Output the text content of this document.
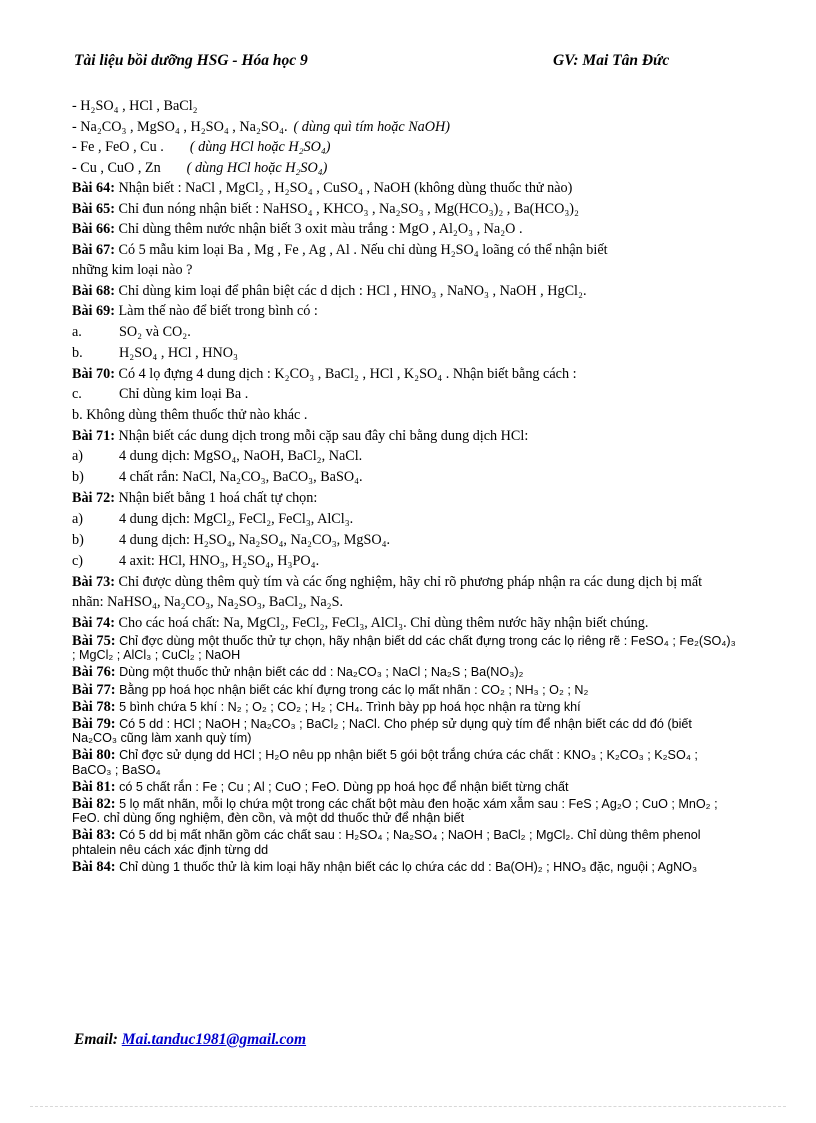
Tài liệu bồi dưỡng HSG - Hóa học 9	GV: Mai Tân Đức
- H₂SO₄ , HCl , BaCl₂
- Na₂CO₃ , MgSO₄ , H₂SO₄ , Na₂SO₄. ( dùng quì tím hoặc NaOH)
- Fe , FeO , Cu . ( dùng HCl hoặc H₂SO₄)
- Cu , CuO , Zn ( dùng HCl hoặc H₂SO₄)
Bài 64: Nhận biết : NaCl , MgCl₂ , H₂SO₄ , CuSO₄ , NaOH (không dùng thuốc thử nào)
Bài 65: Chỉ đun nóng nhận biết : NaHSO₄ , KHCO₃ , Na₂SO₃ , Mg(HCO₃)₂ , Ba(HCO₃)₂
Bài 66: Chỉ dùng thêm nước nhận biết 3 oxit màu trắng : MgO , Al₂O₃ , Na₂O .
Bài 67: Có 5 mẫu kim loại Ba , Mg , Fe , Ag , Al . Nếu chỉ dùng H₂SO₄ loãng có thể nhận biết
những kim loại nào ?
Bài 68: Chỉ dùng kim loại để phân biệt các d dịch : HCl , HNO₃ , NaNO₃ , NaOH , HgCl₂.
Bài 69: Làm thế nào để biết trong bình có :
a.	SO₂ và CO₂.
b.	H₂SO₄ , HCl , HNO₃
Bài 70: Có 4 lọ đựng 4 dung dịch : K₂CO₃ , BaCl₂ , HCl , K₂SO₄ . Nhận biết bằng cách :
c.	Chỉ dùng kim loại Ba .
b. Không dùng thêm thuốc thử nào khác .
Bài 71: Nhận biết các dung dịch trong mỗi cặp sau đây chỉ bằng dung dịch HCl:
a)	4 dung dịch: MgSO₄, NaOH, BaCl₂, NaCl.
b)	4 chất rắn: NaCl, Na₂CO₃, BaCO₃, BaSO₄.
Bài 72: Nhận biết bằng 1 hoá chất tự chọn:
a)	4 dung dịch: MgCl₂, FeCl₂, FeCl₃, AlCl₃.
b)	4 dung dịch: H₂SO₄, Na₂SO₄, Na₂CO₃, MgSO₄.
c)	4 axit: HCl, HNO₃, H₂SO₄, H₃PO₄.
Bài 73: Chỉ được dùng thêm quỳ tím và các ống nghiệm, hãy chỉ rõ phương pháp nhận ra các dung dịch bị mất nhãn: NaHSO₄, Na₂CO₃, Na₂SO₃, BaCl₂, Na₂S.
Bài 74: Cho các hoá chất: Na, MgCl₂, FeCl₂, FeCl₃, AlCl₃. Chỉ dùng thêm nước hãy nhận biết chúng.
Bài 75: Chỉ đợc dùng một thuốc thử tự chọn, hãy nhận biết dd các chất đựng trong các lọ riêng rẽ : FeSO₄ ; Fe₂(SO₄)₃ ; MgCl₂ ; AlCl₃ ; CuCl₂ ; NaOH
Bài 76: Dùng một thuốc thử nhận biết các dd : Na₂CO₃ ; NaCl ; Na₂S ; Ba(NO₃)₂
Bài 77: Bằng pp hoá học nhận biết các khí đựng trong các lọ mất nhãn : CO₂ ; NH₃ ; O₂ ; N₂
Bài 78: 5 bình chứa 5 khí : N₂ ; O₂ ; CO₂ ; H₂ ; CH₄. Trình bày pp hoá học nhận ra từng khí
Bài 79: Có 5 dd : HCl ; NaOH ; Na₂CO₃ ; BaCl₂ ; NaCl. Cho phép sử dụng quỳ tím để nhận biết các dd đó (biết Na₂CO₃ cũng làm xanh quỳ tím)
Bài 80: Chỉ đợc sử dụng dd HCl ; H₂O nêu pp nhận biết 5 gói bột trắng chứa các chất : KNO₃ ; K₂CO₃ ; K₂SO₄ ; BaCO₃ ; BaSO₄
Bài 81: có 5 chất rắn : Fe ; Cu ; Al ; CuO ; FeO. Dùng pp hoá học để nhận biết từng chất
Bài 82: 5 lọ mất nhãn, mỗi lọ chứa một trong các chất bột màu đen hoặc xám xẫm sau : FeS ; Ag₂O ; CuO ; MnO₂ ; FeO. chỉ dùng ống nghiệm, đèn cồn, và một dd thuốc thử để nhận biết
Bài 83: Có 5 dd bị mất nhãn gồm các chất sau : H₂SO₄ ; Na₂SO₄ ; NaOH ; BaCl₂ ; MgCl₂. Chỉ dùng thêm phenol phtalein nêu cách xác định từng dd
Bài 84: Chỉ dùng 1 thuốc thử là kim loại hãy nhận biết các lọ chứa các dd : Ba(OH)₂ ; HNO₃ đặc, nguội ; AgNO₃
Email: Mai.tanduc1981@gmail.com
